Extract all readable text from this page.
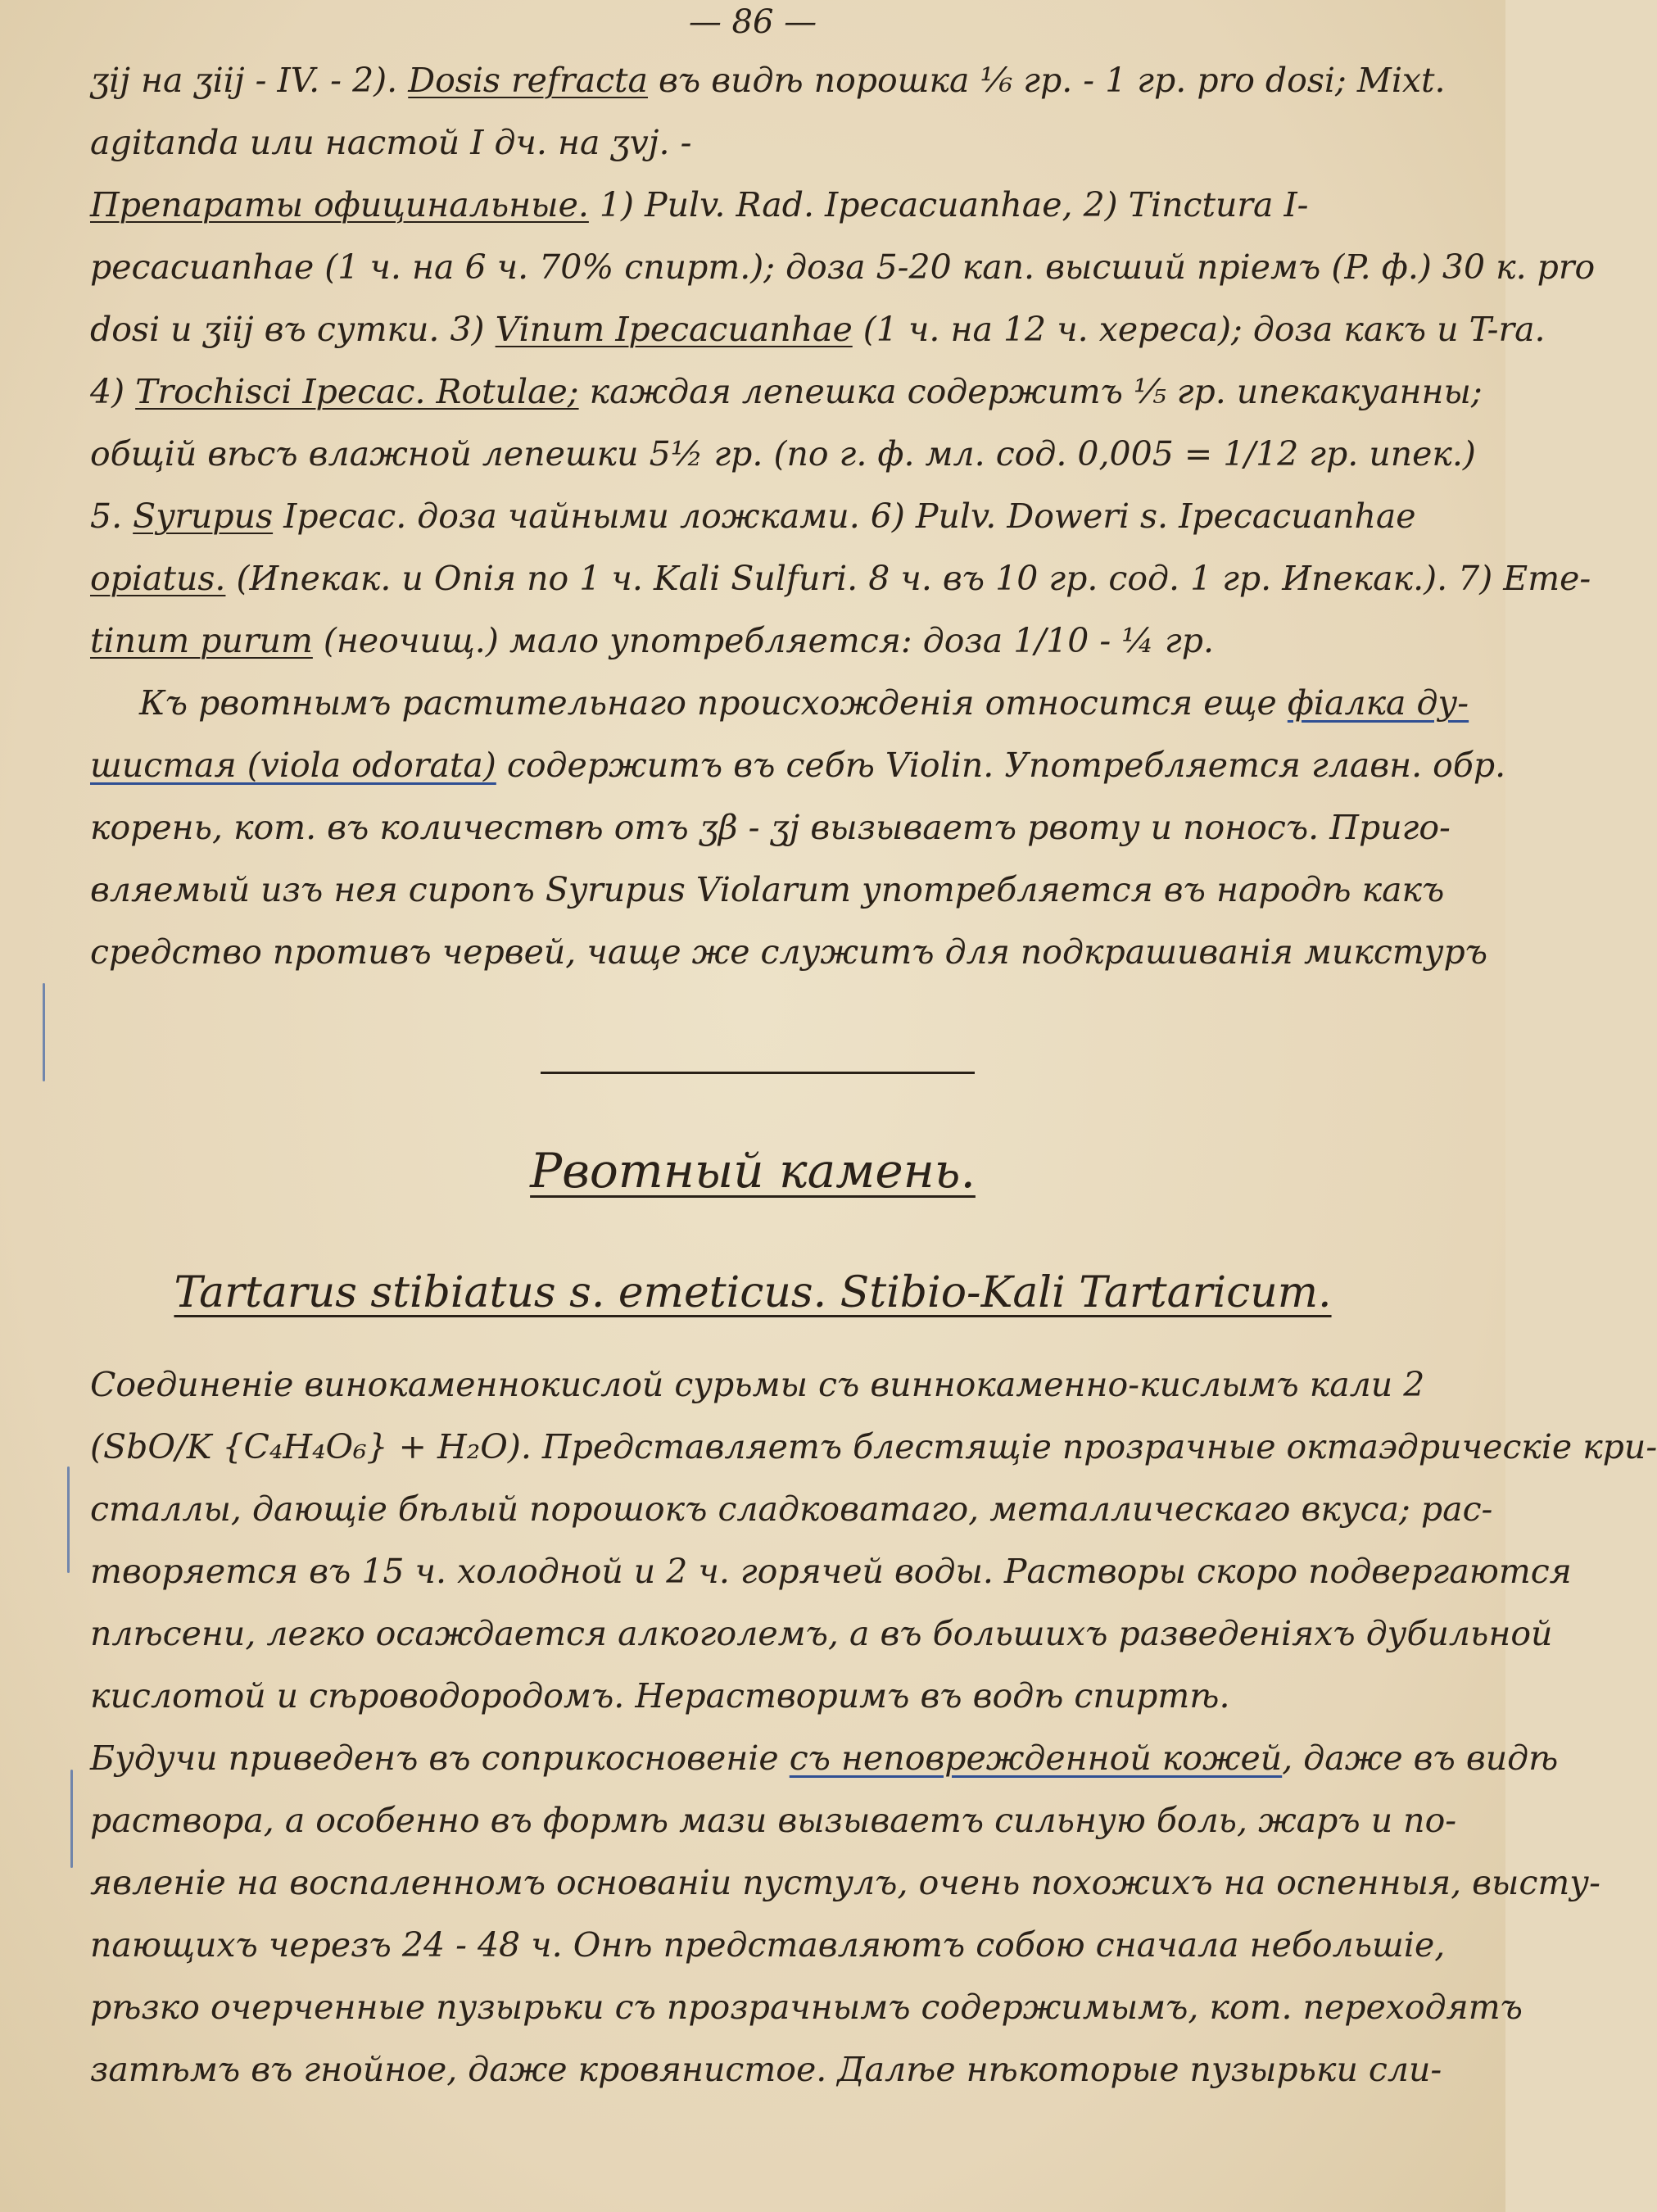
— 86 —
ʒij на ʒiij - IV. - 2). Dosis refracta въ видѣ порошка ⅙ гр. - 1 гр. pro dosi; Mixt.
agitanda или настой Ⅰ дч. на ʒvj. -
Препараты официнальные. 1) Pulv. Rad. Ipecacuanhae, 2) Tinctura I-
pecacuanhae (1 ч. на 6 ч. 70% спирт.); доза 5-20 кап. высший прiемъ (P. ф.) 30 к. pro
dosi и ʒiij въ сутки. 3) Vinum Ipecacuanhae (1 ч. на 12 ч. хереса); доза какъ и T-ra.
4) Trochisci Ipecac. Rotulae; каждая лепешка содержитъ ⅕ гр. ипекакуанны;
общiй вѣсъ влажной лепешки 5½ гр. (по г. ф. мл. сод. 0,005 = 1/12 гр. ипек.)
5. Syrupus Ipecac. доза чайными ложками. 6) Pulv. Doweri s. Ipecacuanhae
opiatus. (Ипекак. и Опiя по 1 ч. Kali Sulfuri. 8 ч. въ 10 гр. сод. 1 гр. Ипекак.). 7) Eme-
tinum purum (неочищ.) мало употребляется: доза 1/10 - ¼ гр.
Къ рвотнымъ растительнаго происхожденiя относится еще фiалка ду-
шистая (viola odorata) содержитъ въ себѣ Violin. Употребляется главн. обр.
корень, кот. въ количествѣ отъ ʒβ - ʒj вызываетъ рвоту и поносъ. Приго-
вляемый изъ нея сиропъ Syrupus Violarum употребляется въ народѣ какъ
средство противъ червей, чаще же служитъ для подкрашиванiя микстуръ
Рвотный камень.
Tartarus stibiatus s. emeticus. Stibio-Kali Tartaricum.
Соединенiе винокаменнокислой сурьмы съ виннокаменно-кислымъ кали 2
(SbO/K {C₄H₄O₆} + H₂O). Представляетъ блестящiе прозрачные октаэдрическiе кри-
сталлы, дающiе бѣлый порошокъ сладковатаго, металлическаго вкуса; рас-
творяется въ 15 ч. холодной и 2 ч. горячей воды. Растворы скоро подвергаются
плѣсени, легко осаждается алкоголемъ, а въ большихъ разведенiяхъ дубильной
кислотой и сѣроводородомъ. Нерастворимъ въ водѣ спиртѣ.
Будучи приведенъ въ соприкосновенiе съ неповрежденной кожей, даже въ видѣ
раствора, а особенно въ формѣ мази вызываетъ сильную боль, жаръ и по-
явленiе на воспаленномъ основанiи пустулъ, очень похожихъ на оспенныя, высту-
пающихъ черезъ 24 - 48 ч. Онѣ представляютъ собою сначала небольшiе,
рѣзко очерченные пузырьки съ прозрачнымъ содержимымъ, кот. переходятъ
затѣмъ въ гнойное, даже кровянистое. Далѣе нѣкоторые пузырьки сли-
